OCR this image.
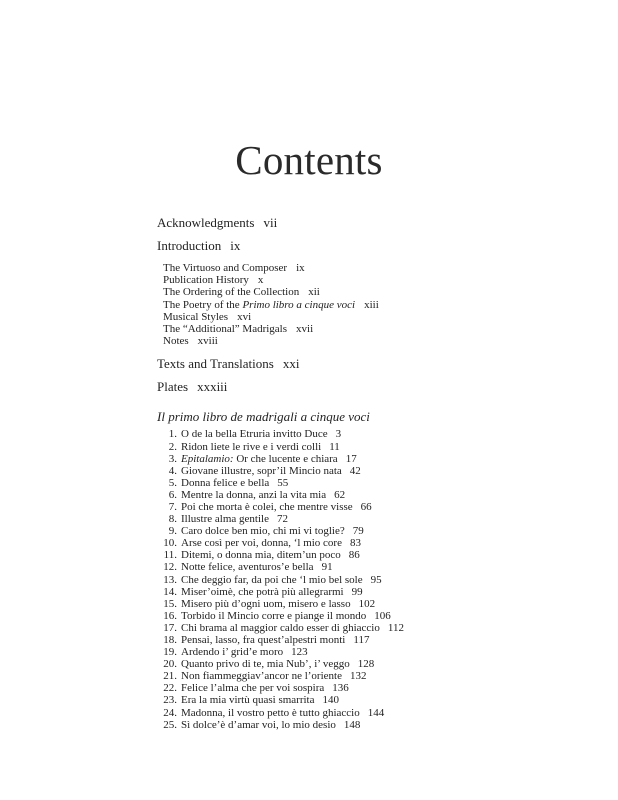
Contents
Acknowledgments vii
Introduction ix
The Virtuoso and Composer ix
Publication History x
The Ordering of the Collection xii
The Poetry of the Primo libro a cinque voci xiii
Musical Styles xvi
The “Additional” Madrigals xvii
Notes xviii
Texts and Translations xxi
Plates xxxiii
Il primo libro de madrigali a cinque voci
1. O de la bella Etruria invitto Duce 3
2. Ridon liete le rive e i verdi colli 11
3. Epitalamio: Or che lucente e chiara 17
4. Giovane illustre, sopr’il Mincio nata 42
5. Donna felice e bella 55
6. Mentre la donna, anzi la vita mia 62
7. Poi che morta è colei, che mentre visse 66
8. Illustre alma gentile 72
9. Caro dolce ben mio, chi mi vi toglie? 79
10. Arse così per voi, donna, ‘l mio core 83
11. Ditemi, o donna mia, ditem’un poco 86
12. Notte felice, aventuros’e bella 91
13. Che deggio far, da poi che ‘l mio bel sole 95
14. Miser’oimè, che potrà più allegrarmi 99
15. Misero più d’ogni uom, misero e lasso 102
16. Torbido il Mincio corre e piange il mondo 106
17. Chi brama al maggior caldo esser di ghiaccio 112
18. Pensai, lasso, fra quest’alpestri monti 117
19. Ardendo i’ grid’e moro 123
20. Quanto privo di te, mia Nub’, i’ veggo 128
21. Non fiammeggiav’ancor ne l’oriente 132
22. Felice l’alma che per voi sospira 136
23. Era la mia virtù quasi smarrita 140
24. Madonna, il vostro petto è tutto ghiaccio 144
25. Sì dolce’è d’amar voi, lo mio desio 148
